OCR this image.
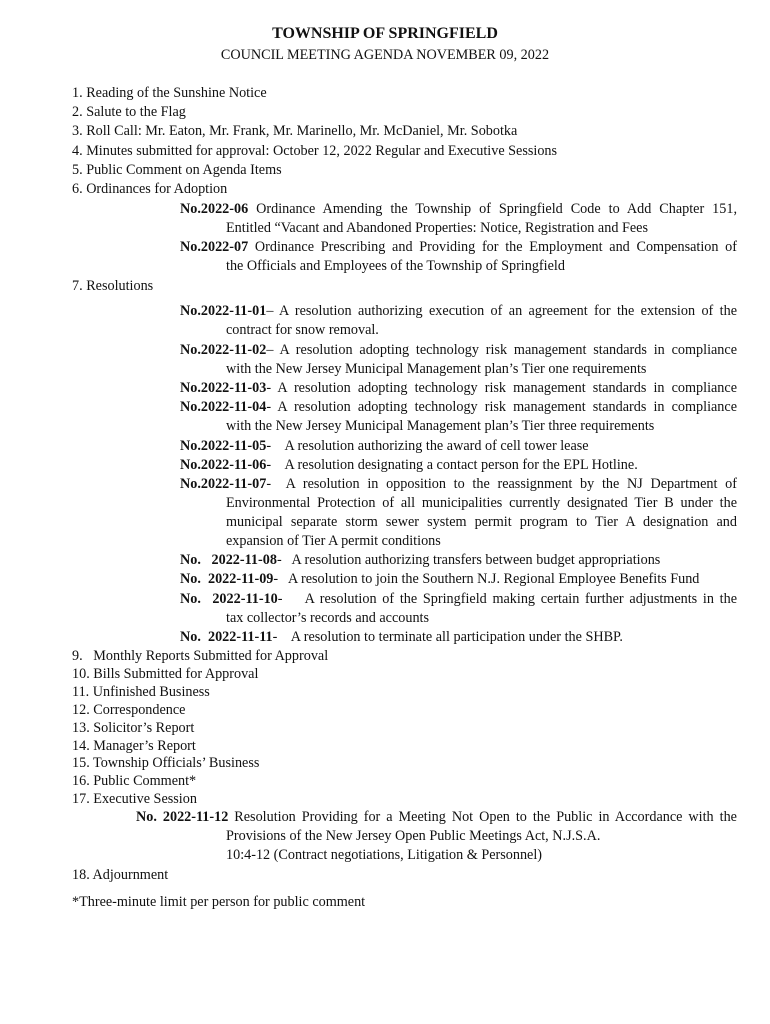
TOWNSHIP OF SPRINGFIELD
COUNCIL MEETING AGENDA NOVEMBER 09, 2022
1. Reading of the Sunshine Notice
2. Salute to the Flag
3. Roll Call: Mr. Eaton, Mr. Frank, Mr. Marinello, Mr. McDaniel, Mr. Sobotka
4. Minutes submitted for approval: October 12, 2022 Regular and Executive Sessions
5. Public Comment on Agenda Items
6. Ordinances for Adoption
No.2022-06 Ordinance Amending the Township of Springfield Code to Add Chapter 151,
Entitled “Vacant and Abandoned Properties: Notice, Registration and Fees
No.2022-07 Ordinance Prescribing and Providing for the Employment and Compensation of
the Officials and Employees of the Township of Springfield
7. Resolutions
No.2022-11-01– A resolution authorizing execution of an agreement for the extension of the
contract for snow removal.
No.2022-11-02– A resolution adopting technology risk management standards in compliance
with the New Jersey Municipal Management plan’s Tier one requirements
No.2022-11-03- A resolution adopting technology risk management standards in compliance
No.2022-11-04- A resolution adopting technology risk management standards in compliance
with the New Jersey Municipal Management plan’s Tier three requirements
No.2022-11-05-    A resolution authorizing the award of cell tower lease
No.2022-11-06-    A resolution designating a contact person for the EPL Hotline.
No.2022-11-07-  A resolution in opposition to the reassignment by the NJ Department of
Environmental Protection of all municipalities currently designated Tier B under the municipal separate storm sewer system permit program to Tier A designation and expansion of Tier A permit conditions
No.   2022-11-08-   A resolution authorizing transfers between budget appropriations
No.  2022-11-09-   A resolution to join the Southern N.J. Regional Employee Benefits Fund
No.  2022-11-10-    A resolution of the Springfield making certain further adjustments in the
tax collector’s records and accounts
No.  2022-11-11-    A resolution to terminate all participation under the SHBP.
9. Monthly Reports Submitted for Approval
10. Bills Submitted for Approval
11. Unfinished Business
12. Correspondence
13. Solicitor’s Report
14. Manager’s Report
15. Township Officials’ Business
16. Public Comment*
17. Executive Session
No. 2022-11-12 Resolution Providing for a Meeting Not Open to the Public in Accordance with the
Provisions of the New Jersey Open Public Meetings Act, N.J.S.A.
10:4-12 (Contract negotiations, Litigation & Personnel)
18. Adjournment
*Three-minute limit per person for public comment
